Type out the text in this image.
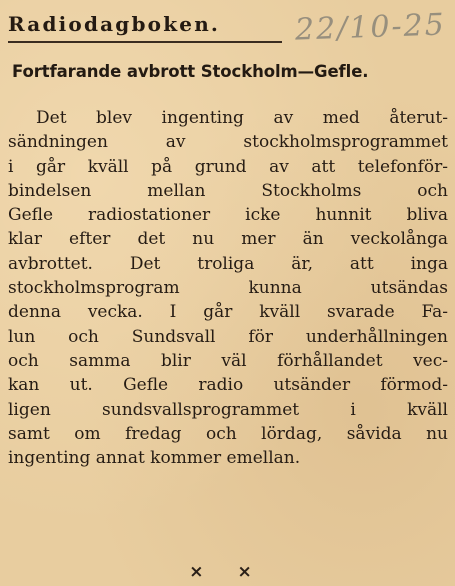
Radiodagboken. 22/10-25
Fortfarande avbrott Stockholm—Gefle.
Det blev ingenting av med återut-
sändningen av stockholmsprogrammet
i går kväll på grund av att telefonför-
bindelsen mellan Stockholms och
Gefle radiostationer icke hunnit bliva
klar efter det nu mer än veckolånga
avbrottet. Det troliga är, att inga
stockholmsprogram kunna utsändas
denna vecka. I går kväll svarade Fa-
lun och Sundsvall för underhållningen
och samma blir väl förhållandet vec-
kan ut. Gefle radio utsänder förmod-
ligen sundsvallsprogrammet i kväll
samt om fredag och lördag, såvida nu
ingenting annat kommer emellan.
× ×
